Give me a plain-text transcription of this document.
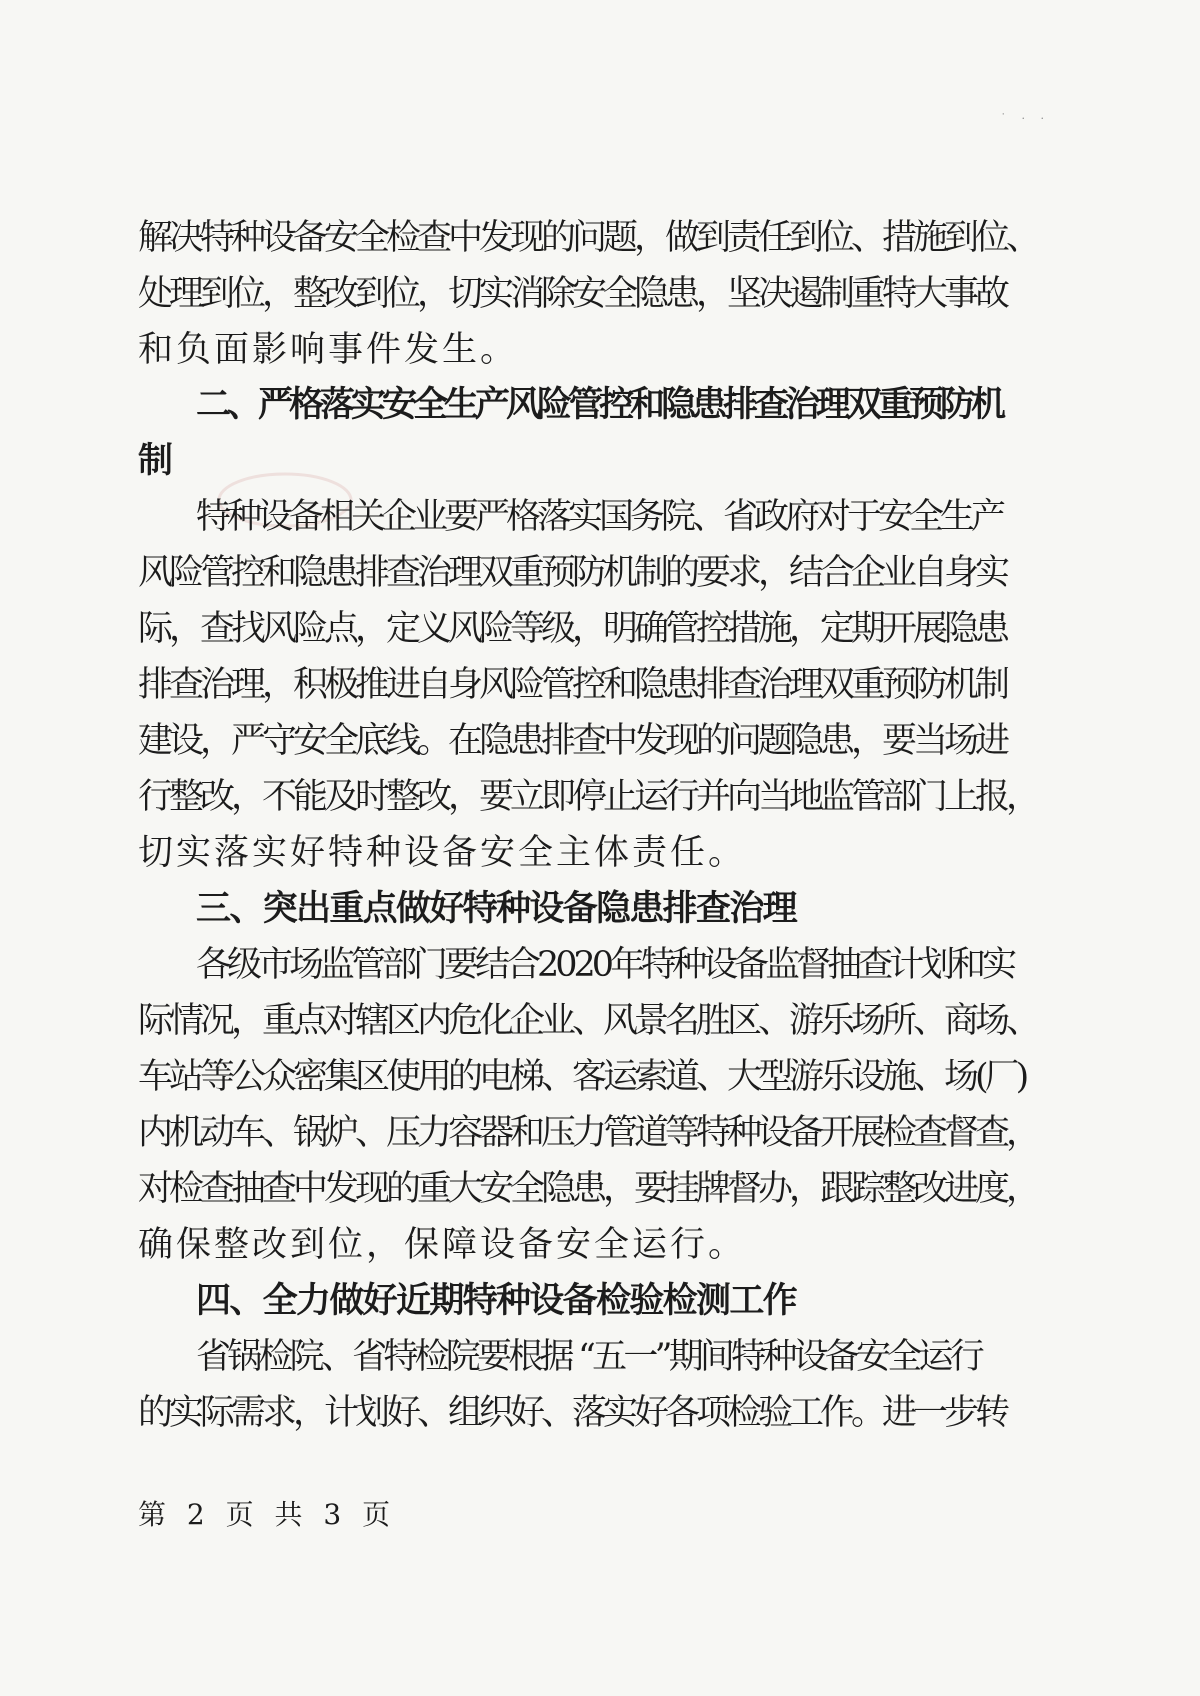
˙ · ·
解决特种设备安全检查中发现的问题，做到责任到位、措施到位、
处理到位，整改到位，切实消除安全隐患，坚决遏制重特大事故
和负面影响事件发生。
二、严格落实安全生产风险管控和隐患排查治理双重预防机
制
特种设备相关企业要严格落实国务院、省政府对于安全生产
风险管控和隐患排查治理双重预防机制的要求，结合企业自身实
际，查找风险点，定义风险等级，明确管控措施，定期开展隐患
排查治理，积极推进自身风险管控和隐患排查治理双重预防机制
建设，严守安全底线。在隐患排查中发现的问题隐患，要当场进
行整改，不能及时整改，要立即停止运行并向当地监管部门上报，
切实落实好特种设备安全主体责任。
三、突出重点做好特种设备隐患排查治理
各级市场监管部门要结合2020年特种设备监督抽查计划和实
际情况，重点对辖区内危化企业、风景名胜区、游乐场所、商场、
车站等公众密集区使用的电梯、客运索道、大型游乐设施、场(厂)
内机动车、锅炉、压力容器和压力管道等特种设备开展检查督查，
对检查抽查中发现的重大安全隐患，要挂牌督办，跟踪整改进度，
确保整改到位，保障设备安全运行。
四、全力做好近期特种设备检验检测工作
省锅检院、省特检院要根据 “五一”期间特种设备安全运行
的实际需求，计划好、组织好、落实好各项检验工作。进一步转
第 2 页 共 3 页
